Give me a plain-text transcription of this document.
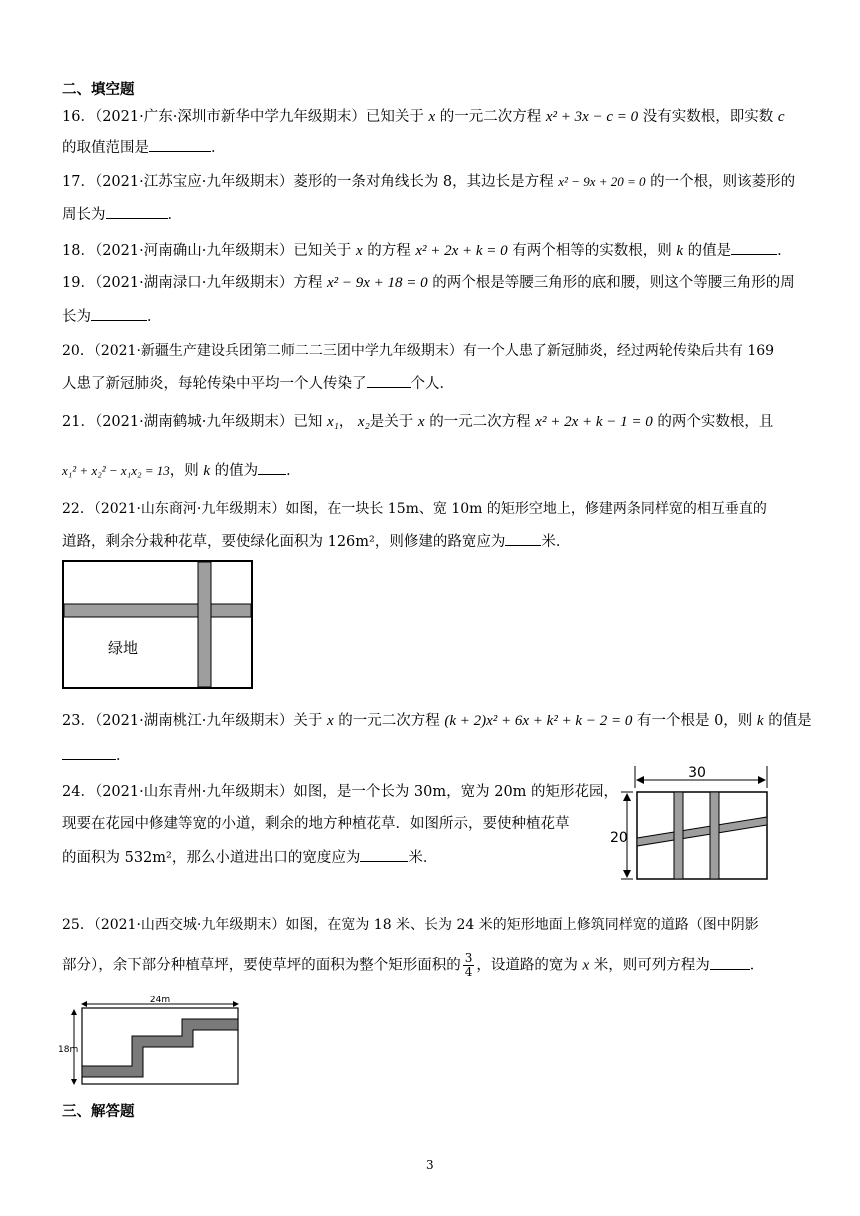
二、填空题
16．（2021·广东·深圳市新华中学九年级期末）已知关于 x 的一元二次方程 x² + 3x − c = 0 没有实数根，即实数 c
的取值范围是	．
17．（2021·江苏宝应·九年级期末）菱形的一条对角线长为 8，其边长是方程 x² − 9x + 20 = 0 的一个根，则该菱形的
周长为	．
18．（2021·河南确山·九年级期末）已知关于 x 的方程 x² + 2x + k = 0 有两个相等的实数根，则 k 的值是	．
19．（2021·湖南渌口·九年级期末）方程 x² − 9x + 18 = 0 的两个根是等腰三角形的底和腰，则这个等腰三角形的周
长为	．
20．（2021·新疆生产建设兵团第二师二二三团中学九年级期末）有一个人患了新冠肺炎，经过两轮传染后共有 169
人患了新冠肺炎，每轮传染中平均一个人传染了	个人．
21．（2021·湖南鹤城·九年级期末）已知 x₁， x₂是关于 x 的一元二次方程 x² + 2x + k − 1 = 0 的两个实数根，且
x₁² + x₂² − x₁x₂ = 13，则 k 的值为 ．
22．（2021·山东商河·九年级期末）如图，在一块长 15m、宽 10m 的矩形空地上，修建两条同样宽的相互垂直的
道路，剩余分栽种花草，要使绿化面积为 126m²，则修建的路宽应为 米．
绿地
23．（2021·湖南桃江·九年级期末）关于 x 的一元二次方程 (k + 2)x² + 6x + k² + k − 2 = 0 有一个根是 0，则 k 的值是
．
24．（2021·山东青州·九年级期末）如图，是一个长为 30m，宽为 20m 的矩形花园，
现要在花园中修建等宽的小道，剩余的地方种植花草．如图所示，要使种植花草
的面积为 532m²，那么小道进出口的宽度应为	米．
30
20
25．（2021·山西交城·九年级期末）如图，在宽为 18 米、长为 24 米的矩形地面上修筑同样宽的道路（图中阴影
部分），余下部分种植草坪，要使草坪的面积为整个矩形面积的 $\frac{3}{4}$ ，设道路的宽为 x 米，则可列方程为	．
24m
18m
三、解答题
3
